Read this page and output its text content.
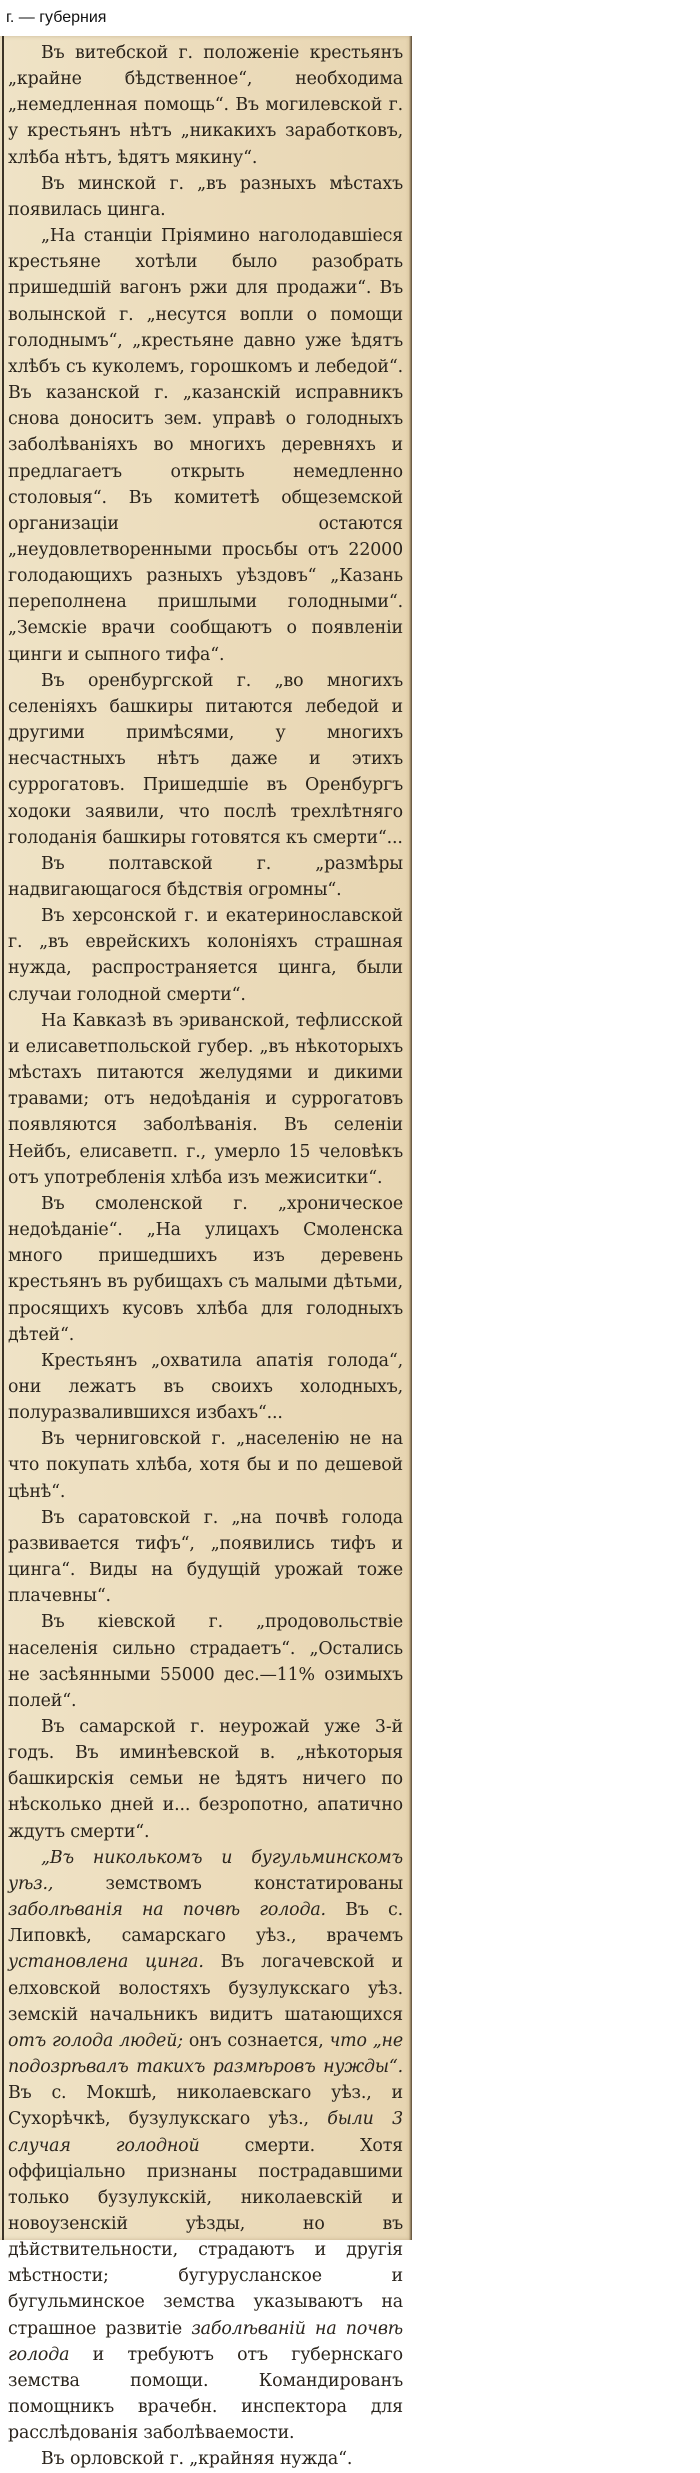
г. — губерния

Въ витебской г. положеніе крестьянъ „крайне бѣдственное“, необходима „немедленная помощь“. Въ могилевской г. у крестьянъ нѣтъ „никакихъ заработковъ, хлѣба нѣтъ, ѣдятъ мякину“.

Въ минской г. „въ разныхъ мѣстахъ появилась цинга.

„На станціи Пріямино наголодавшіеся крестьяне хотѣли было разобрать пришедшій вагонъ ржи для продажи“. Въ волынской г. „несутся вопли о помощи голоднымъ“, „крестьяне давно уже ѣдятъ хлѣбъ съ куколемъ, горошкомъ и лебедой“. Въ казанской г. „казанскій исправникъ снова доноситъ зем. управѣ о голодныхъ заболѣваніяхъ во многихъ деревняхъ и предлагаетъ открыть немедленно столовыя“. Въ комитетѣ общеземской организаціи остаются „неудовлетворенными просьбы отъ 22000 голодающихъ разныхъ уѣздовъ“ „Казань переполнена пришлыми голодными“. „Земскіе врачи сообщаютъ о появленіи цинги и сыпного тифа“.

Въ оренбургской г. „во многихъ селеніяхъ башкиры питаются лебедой и другими примѣсями, у многихъ несчастныхъ нѣтъ даже и этихъ суррогатовъ. Пришедшіе въ Оренбургъ ходоки заявили, что послѣ трехлѣтняго голоданія башкиры готовятся къ смерти“...

Въ полтавской г. „размѣры надвигающагося бѣдствія огромны“.

Въ херсонской г. и екатеринославской г. „въ еврейскихъ колоніяхъ страшная нужда, распространяется цинга, были случаи голодной смерти“.

На Кавказѣ въ эриванской, тефлисской и елисаветпольской губер. „въ нѣкоторыхъ мѣстахъ питаются желудями и дикими травами; отъ недоѣданія и суррогатовъ появляются заболѣванія. Въ селеніи Нейбъ, елисаветп. г., умерло 15 человѣкъ отъ употребленія хлѣба изъ межиситки“.

Въ смоленской г. „хроническое недоѣданіе“. „На улицахъ Смоленска много пришедшихъ изъ деревень крестьянъ въ рубищахъ съ малыми дѣтьми, просящихъ кусовъ хлѣба для голодныхъ дѣтей“.

Крестьянъ „охватила апатія голода“, они лежатъ въ своихъ холодныхъ, полуразвалившихся избахъ“...

Въ черниговской г. „населенію не на что покупать хлѣба, хотя бы и по дешевой цѣнѣ“.

Въ саратовской г. „на почвѣ голода развивается тифъ“, „появились тифъ и цинга“. Виды на будущій урожай тоже плачевны“.

Въ кіевской г. „продовольствіе населенія сильно страдаетъ“. „Остались не засѣянными 55000 дес.—11% озимыхъ полей“.

Въ самарской г. неурожай уже 3-й годъ. Въ иминѣевской в. „нѣкоторыя башкирскія семьи не ѣдятъ ничего по нѣсколько дней и... безропотно, апатично ждутъ смерти“.

„Въ николькомъ и бугульминскомъ уѣз., земствомъ констатированы заболѣванія на почвѣ голода. Въ с. Липовкѣ, самарскаго уѣз., врачемъ установлена цинга. Въ логачевской и елховской волостяхъ бузулукскаго уѣз. земскій начальникъ видитъ шатающихся отъ голода людей; онъ сознается, что „не подозрѣвалъ такихъ размѣровъ нужды“. Въ с. Мокшѣ, николаевскаго уѣз., и Сухорѣчкѣ, бузулукскаго уѣз., были 3 случая голодной смерти. Хотя оффиціально признаны пострадавшими только бузулукскій, николаевскій и новоузенскій уѣзды, но въ дѣйствительности, страдаютъ и другія мѣстности; бугурусланское и бугульминское земства указываютъ на страшное развитіе заболѣваній на почвѣ голода и требуютъ отъ губернскаго земства помощи. Командированъ помощникъ врачебн. инспектора для расслѣдованія заболѣваемости.

Въ орловской г. „крайняя нужда“.
